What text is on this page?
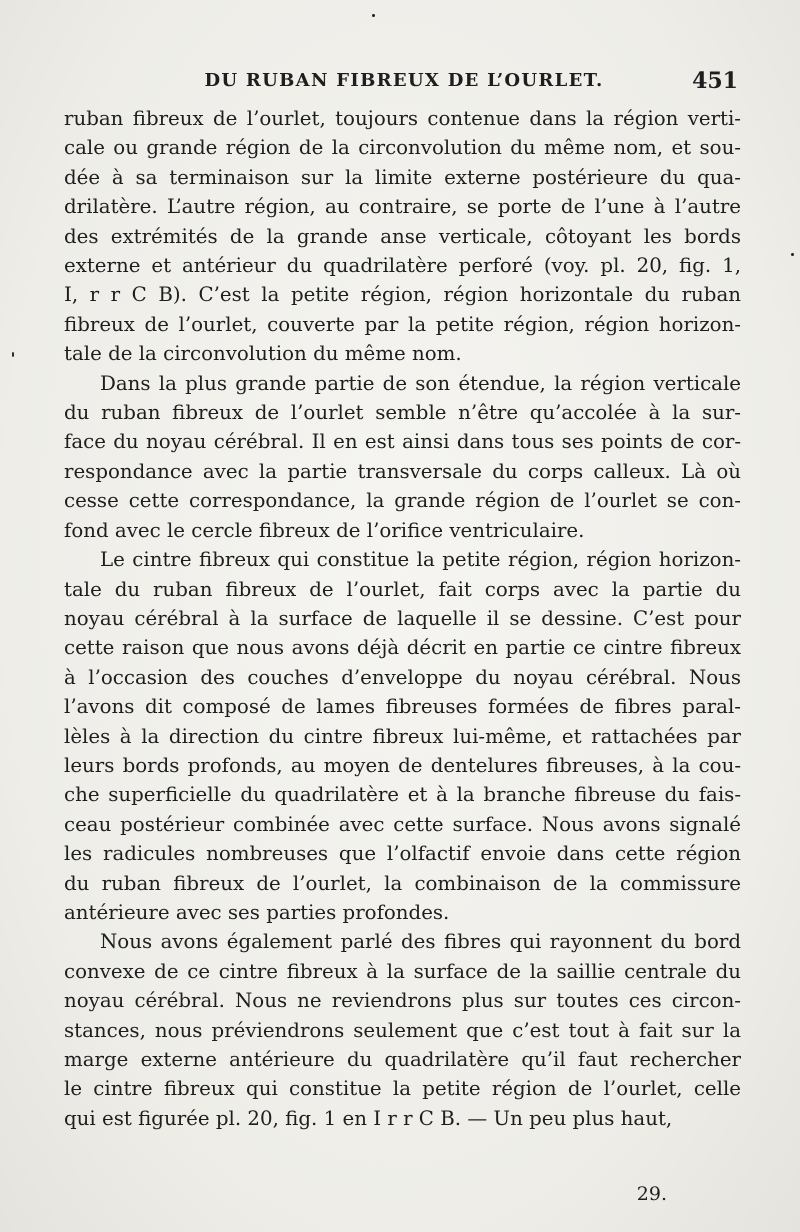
DU RUBAN FIBREUX DE L’OURLET.	451
ruban fibreux de l’ourlet, toujours contenue dans la région verti-
cale ou grande région de la circonvolution du même nom, et sou-
dée à sa terminaison sur la limite externe postérieure du qua-
drilatère. L’autre région, au contraire, se porte de l’une à l’autre
des extrémités de la grande anse verticale, côtoyant les bords
externe et antérieur du quadrilatère perforé (voy. pl. 20, fig. 1,
I, r r C B). C’est la petite région, région horizontale du ruban
fibreux de l’ourlet, couverte par la petite région, région horizon-
tale de la circonvolution du même nom.
Dans la plus grande partie de son étendue, la région verticale
du ruban fibreux de l’ourlet semble n’être qu’accolée à la sur-
face du noyau cérébral. Il en est ainsi dans tous ses points de cor-
respondance avec la partie transversale du corps calleux. Là où
cesse cette correspondance, la grande région de l’ourlet se con-
fond avec le cercle fibreux de l’orifice ventriculaire.
Le cintre fibreux qui constitue la petite région, région horizon-
tale du ruban fibreux de l’ourlet, fait corps avec la partie du
noyau cérébral à la surface de laquelle il se dessine. C’est pour
cette raison que nous avons déjà décrit en partie ce cintre fibreux
à l’occasion des couches d’enveloppe du noyau cérébral. Nous
l’avons dit composé de lames fibreuses formées de fibres paral-
lèles à la direction du cintre fibreux lui-même, et rattachées par
leurs bords profonds, au moyen de dentelures fibreuses, à la cou-
che superficielle du quadrilatère et à la branche fibreuse du fais-
ceau postérieur combinée avec cette surface. Nous avons signalé
les radicules nombreuses que l’olfactif envoie dans cette région
du ruban fibreux de l’ourlet, la combinaison de la commissure
antérieure avec ses parties profondes.
Nous avons également parlé des fibres qui rayonnent du bord
convexe de ce cintre fibreux à la surface de la saillie centrale du
noyau cérébral. Nous ne reviendrons plus sur toutes ces circon-
stances, nous préviendrons seulement que c’est tout à fait sur la
marge externe antérieure du quadrilatère qu’il faut rechercher
le cintre fibreux qui constitue la petite région de l’ourlet, celle
qui est figurée pl. 20, fig. 1 en I r r C B. — Un peu plus haut,
29.
